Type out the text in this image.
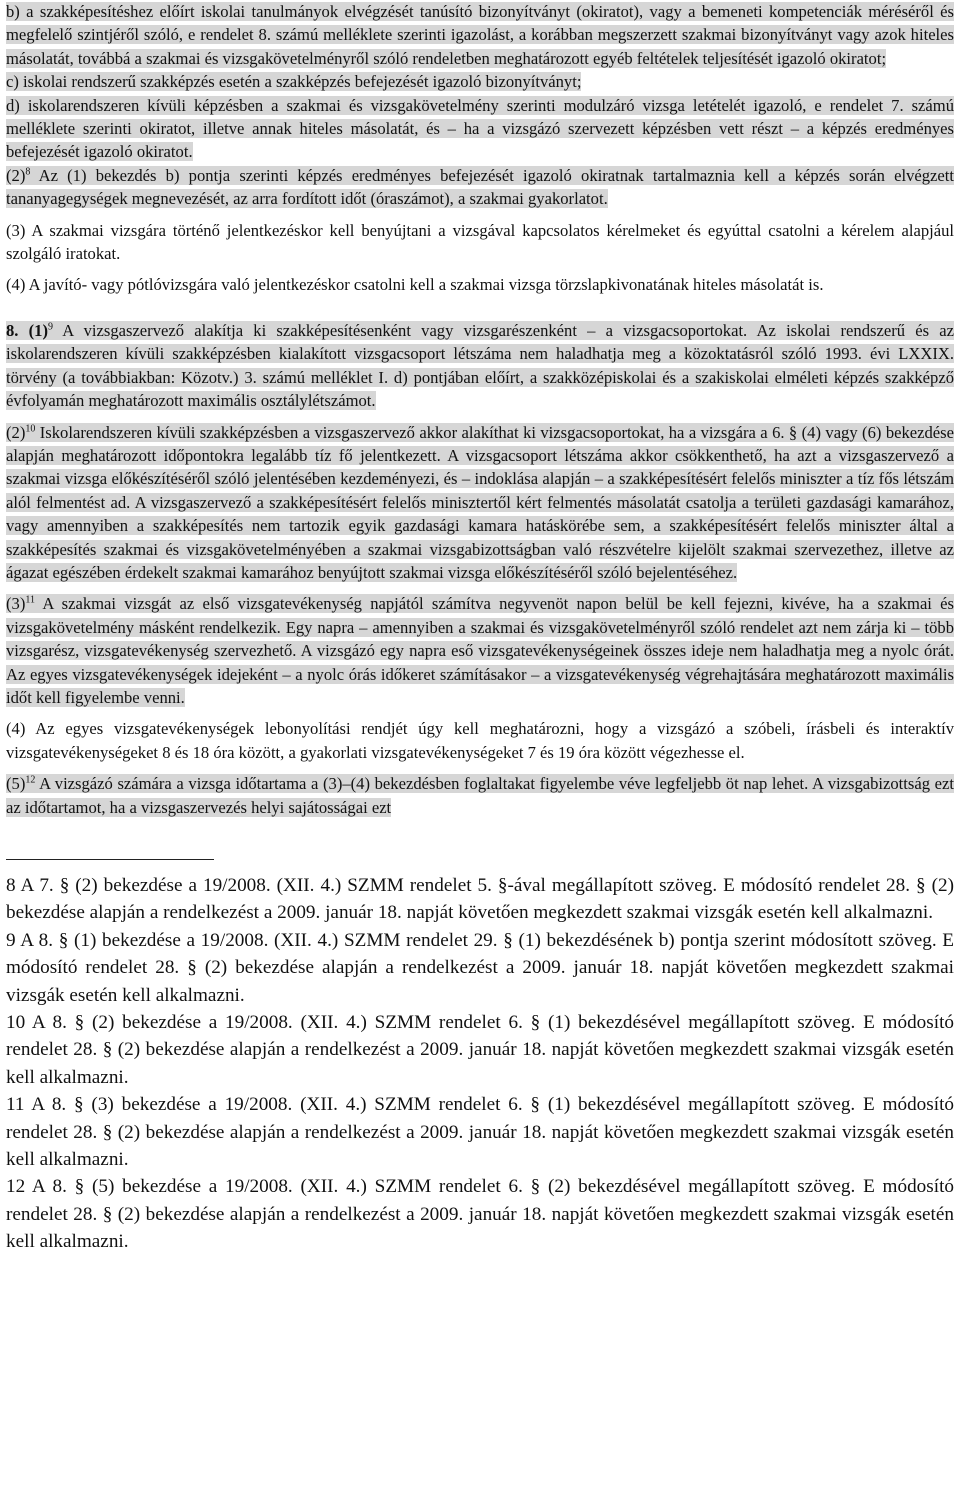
b) a szakképesítéshez előírt iskolai tanulmányok elvégzését tanúsító bizonyítványt (okiratot), vagy a bemeneti kompetenciák méréséről és megfelelő szintjéről szóló, e rendelet 8. számú melléklete szerinti igazolást, a korábban megszerzett szakmai bizonyítványt vagy azok hiteles másolatát, továbbá a szakmai és vizsgakövetelményről szóló rendeletben meghatározott egyéb feltételek teljesítését igazoló okiratot;

c) iskolai rendszerű szakképzés esetén a szakképzés befejezését igazoló bizonyítványt;

d) iskolarendszeren kívüli képzésben a szakmai és vizsgakövetelmény szerinti modulzáró vizsga letételét igazoló, e rendelet 7. számú melléklete szerinti okiratot, illetve annak hiteles másolatát, és – ha a vizsgázó szervezett képzésben vett részt – a képzés eredményes befejezését igazoló okiratot.

$(2)^8$ Az (1) bekezdés b) pontja szerinti képzés eredményes befejezését igazoló okiratnak tartalmaznia kell a képzés során elvégzett tananyagegységek megnevezését, az arra fordított időt (óraszámot), a szakmai gyakorlatot.

(3) A szakmai vizsgára történő jelentkezéskor kell benyújtani a vizsgával kapcsolatos kérelmeket és egyúttal csatolni a kérelem alapjául szolgáló iratokat.

(4) A javító- vagy pótlóvizsgára való jelentkezéskor csatolni kell a szakmai vizsga törzslapkivonatának hiteles másolatát is.

8. $(1)^9$ A vizsgaszervező alakítja ki szakképesítésenként vagy vizsgarészenként – a vizsgacsoportokat. Az iskolai rendszerű és az iskolarendszeren kívüli szakképzésben kialakított vizsgacsoport létszáma nem haladhatja meg a közoktatásról szóló 1993. évi LXXIX. törvény (a továbbiakban: Közotv.) 3. számú melléklet I. d) pontjában előírt, a szakközépiskolai és a szakiskolai elméleti képzés szakképző évfolyamán meghatározott maximális osztálylétszámot.

$(2)^{10}$ Iskolarendszeren kívüli szakképzésben a vizsgaszervező akkor alakíthat ki vizsgacsoportokat, ha a vizsgára a 6. § (4) vagy (6) bekezdése alapján meghatározott időpontokra legalább tíz fő jelentkezett. A vizsgacsoport létszáma akkor csökkenthető, ha azt a vizsgaszervező a szakmai vizsga előkészítéséről szóló jelentésében kezdeményezi, és – indoklása alapján – a szakképesítésért felelős miniszter a tíz fős létszám alól felmentést ad. A vizsgaszervező a szakképesítésért felelős minisztertől kért felmentés másolatát csatolja a területi gazdasági kamarához, vagy amennyiben a szakképesítés nem tartozik egyik gazdasági kamara hatáskörébe sem, a szakképesítésért felelős miniszter által a szakképesítés szakmai és vizsgakövetelményében a szakmai vizsgabizottságban való részvételre kijelölt szakmai szervezethez, illetve az ágazat egészében érdekelt szakmai kamarához benyújtott szakmai vizsga előkészítéséről szóló bejelentéséhez.

$(3)^{11}$ A szakmai vizsgát az első vizsgatevékenység napjától számítva negyvenöt napon belül be kell fejezni, kivéve, ha a szakmai és vizsgakövetelmény másként rendelkezik. Egy napra – amennyiben a szakmai és vizsgakövetelményről szóló rendelet azt nem zárja ki – több vizsgarész, vizsgatevékenység szervezhető. A vizsgázó egy napra eső vizsgatevékenységeinek összes ideje nem haladhatja meg a nyolc órát. Az egyes vizsgatevékenységek idejeként – a nyolc órás időkeret számításakor – a vizsgatevékenység végrehajtására meghatározott maximális időt kell figyelembe venni.

(4) Az egyes vizsgatevékenységek lebonyolítási rendjét úgy kell meghatározni, hogy a vizsgázó a szóbeli, írásbeli és interaktív vizsgatevékenységeket 8 és 18 óra között, a gyakorlati vizsgatevékenységeket 7 és 19 óra között végezhesse el.

$(5)^{12}$ A vizsgázó számára a vizsga időtartama a (3)–(4) bekezdésben foglaltakat figyelembe véve legfeljebb öt nap lehet. A vizsgabizottság ezt az időtartamot, ha a vizsgaszervezés helyi sajátosságai ezt

8 A 7. § (2) bekezdése a 19/2008. (XII. 4.) SZMM rendelet 5. §-ával megállapított szöveg. E módosító rendelet 28. § (2) bekezdése alapján a rendelkezést a 2009. január 18. napját követően megkezdett szakmai vizsgák esetén kell alkalmazni.

9 A 8. § (1) bekezdése a 19/2008. (XII. 4.) SZMM rendelet 29. § (1) bekezdésének b) pontja szerint módosított szöveg. E módosító rendelet 28. § (2) bekezdése alapján a rendelkezést a 2009. január 18. napját követően megkezdett szakmai vizsgák esetén kell alkalmazni.

10 A 8. § (2) bekezdése a 19/2008. (XII. 4.) SZMM rendelet 6. § (1) bekezdésével megállapított szöveg. E módosító rendelet 28. § (2) bekezdése alapján a rendelkezést a 2009. január 18. napját követően megkezdett szakmai vizsgák esetén kell alkalmazni.

11 A 8. § (3) bekezdése a 19/2008. (XII. 4.) SZMM rendelet 6. § (1) bekezdésével megállapított szöveg. E módosító rendelet 28. § (2) bekezdése alapján a rendelkezést a 2009. január 18. napját követően megkezdett szakmai vizsgák esetén kell alkalmazni.

12 A 8. § (5) bekezdése a 19/2008. (XII. 4.) SZMM rendelet 6. § (2) bekezdésével megállapított szöveg. E módosító rendelet 28. § (2) bekezdése alapján a rendelkezést a 2009. január 18. napját követően megkezdett szakmai vizsgák esetén kell alkalmazni.
